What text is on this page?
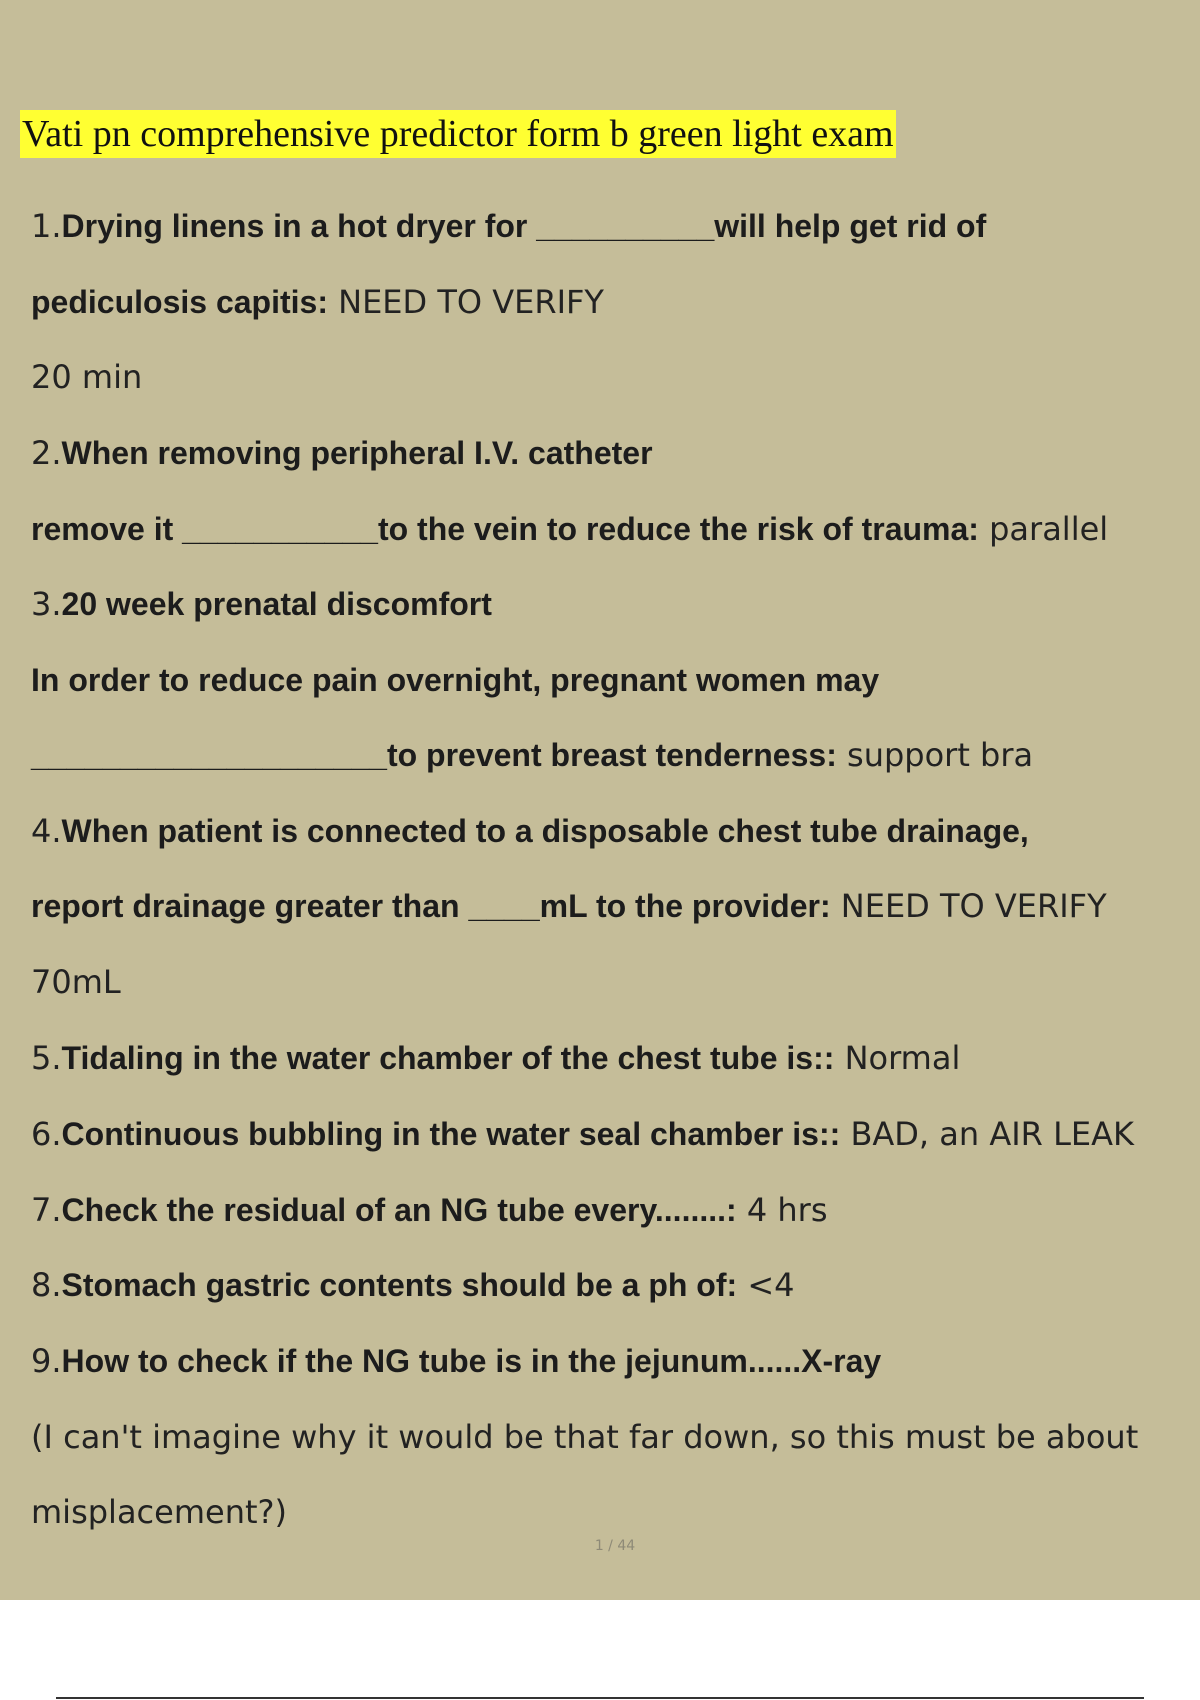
Vati pn comprehensive predictor form b green light exam
1.Drying linens in a hot dryer for __________will help get rid of
pediculosis capitis: NEED TO VERIFY
20 min
2.When removing peripheral I.V. catheter
remove it ___________to the vein to reduce the risk of trauma: parallel
3.20 week prenatal discomfort
In order to reduce pain overnight, pregnant women may
____________________to prevent breast tenderness: support bra
4.When patient is connected to a disposable chest tube drainage,
report drainage greater than ____mL to the provider: NEED TO VERIFY
70mL
5.Tidaling in the water chamber of the chest tube is:: Normal
6.Continuous bubbling in the water seal chamber is:: BAD, an AIR LEAK
7.Check the residual of an NG tube every........: 4 hrs
8.Stomach gastric contents should be a ph of: <4
9.How to check if the NG tube is in the jejunum......X-ray
(I can't imagine why it would be that far down, so this must be about
misplacement?)
1 / 44
